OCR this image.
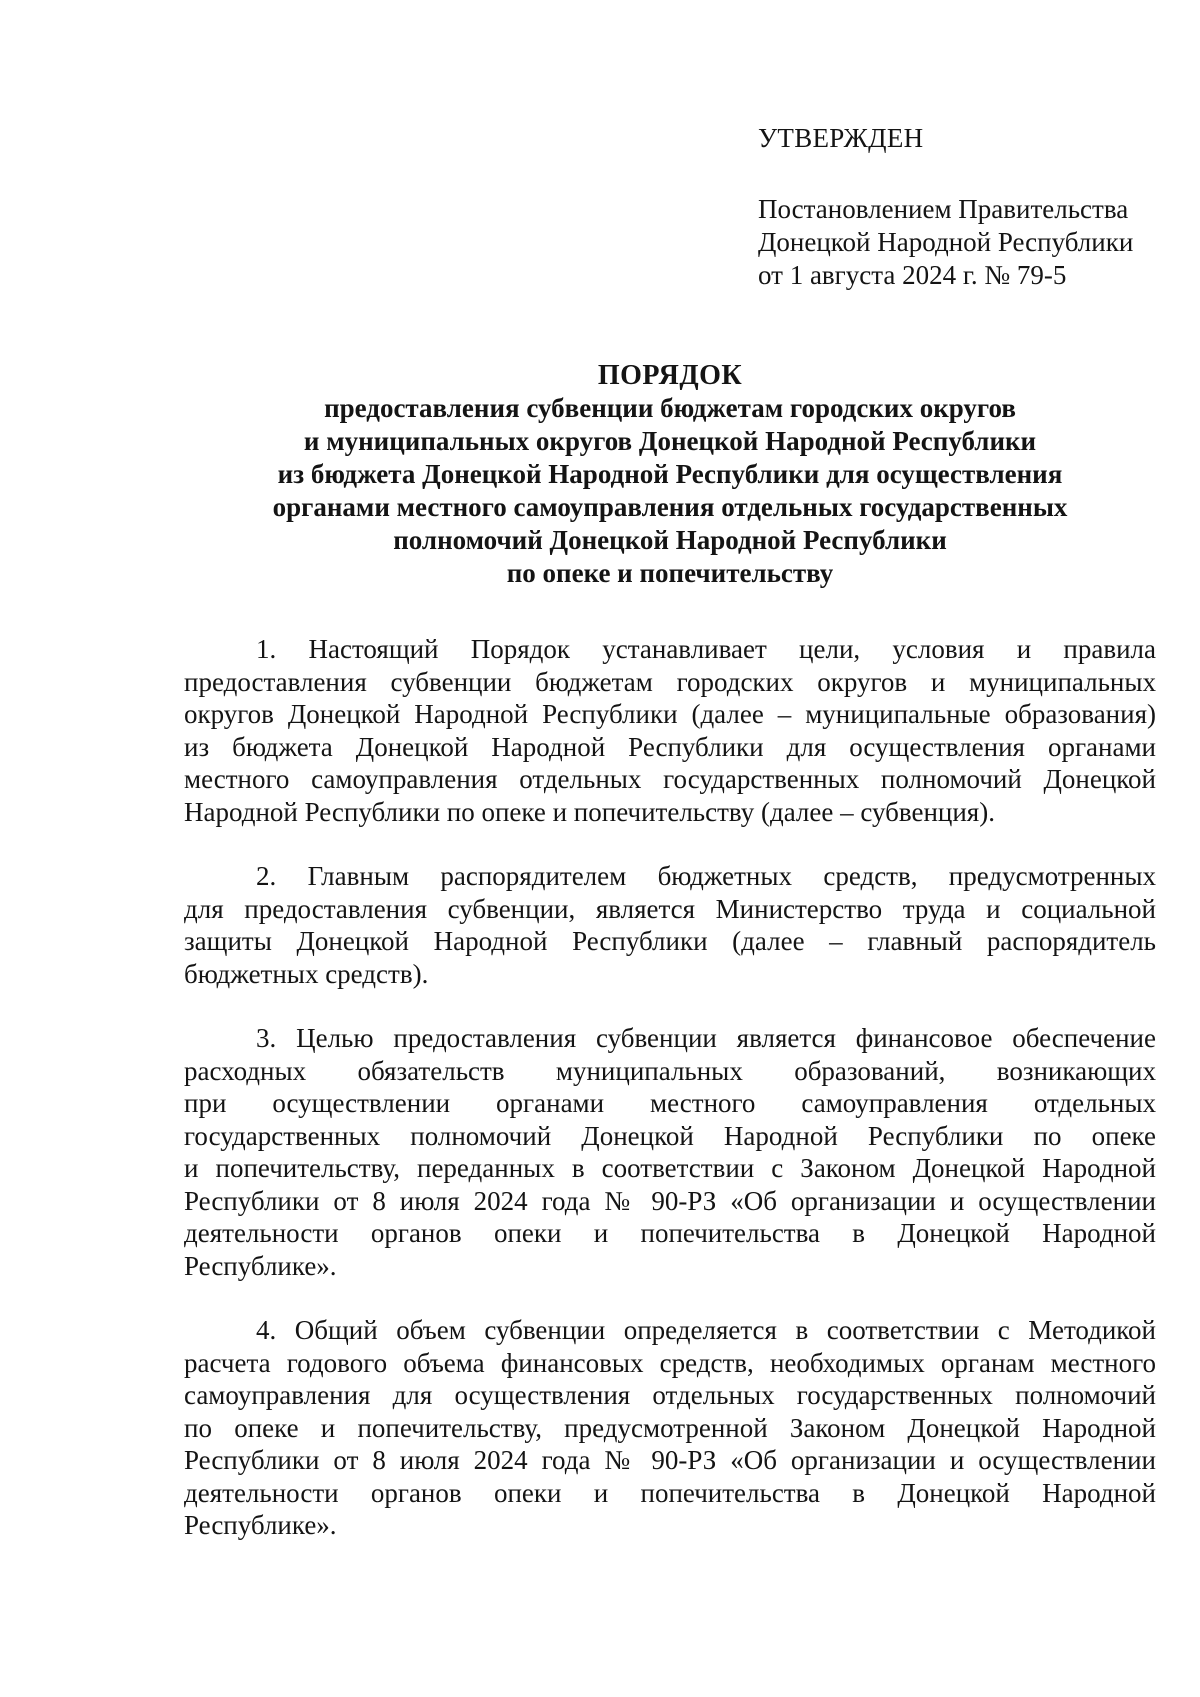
УТВЕРЖДЕН
Постановлением Правительства
Донецкой Народной Республики
от 1 августа 2024 г. № 79-5
ПОРЯДОК
предоставления субвенции бюджетам городских округов
и муниципальных округов Донецкой Народной Республики
из бюджета Донецкой Народной Республики для осуществления
органами местного самоуправления отдельных государственных
полномочий Донецкой Народной Республики
по опеке и попечительству
1. Настоящий Порядок устанавливает цели, условия и правила
предоставления субвенции бюджетам городских округов и муниципальных
округов Донецкой Народной Республики (далее – муниципальные образования)
из бюджета Донецкой Народной Республики для осуществления органами
местного самоуправления отдельных государственных полномочий Донецкой
Народной Республики по опеке и попечительству (далее – субвенция).
2. Главным распорядителем бюджетных средств, предусмотренных
для предоставления субвенции, является Министерство труда и социальной
защиты Донецкой Народной Республики (далее – главный распорядитель
бюджетных средств).
3. Целью предоставления субвенции является финансовое обеспечение
расходных обязательств муниципальных образований, возникающих
при осуществлении органами местного самоуправления отдельных
государственных полномочий Донецкой Народной Республики по опеке
и попечительству, переданных в соответствии с Законом Донецкой Народной
Республики от 8 июля 2024 года № 90-РЗ «Об организации и осуществлении
деятельности органов опеки и попечительства в Донецкой Народной
Республике».
4. Общий объем субвенции определяется в соответствии с Методикой
расчета годового объема финансовых средств, необходимых органам местного
самоуправления для осуществления отдельных государственных полномочий
по опеке и попечительству, предусмотренной Законом Донецкой Народной
Республики от 8 июля 2024 года № 90-РЗ «Об организации и осуществлении
деятельности органов опеки и попечительства в Донецкой Народной
Республике».
